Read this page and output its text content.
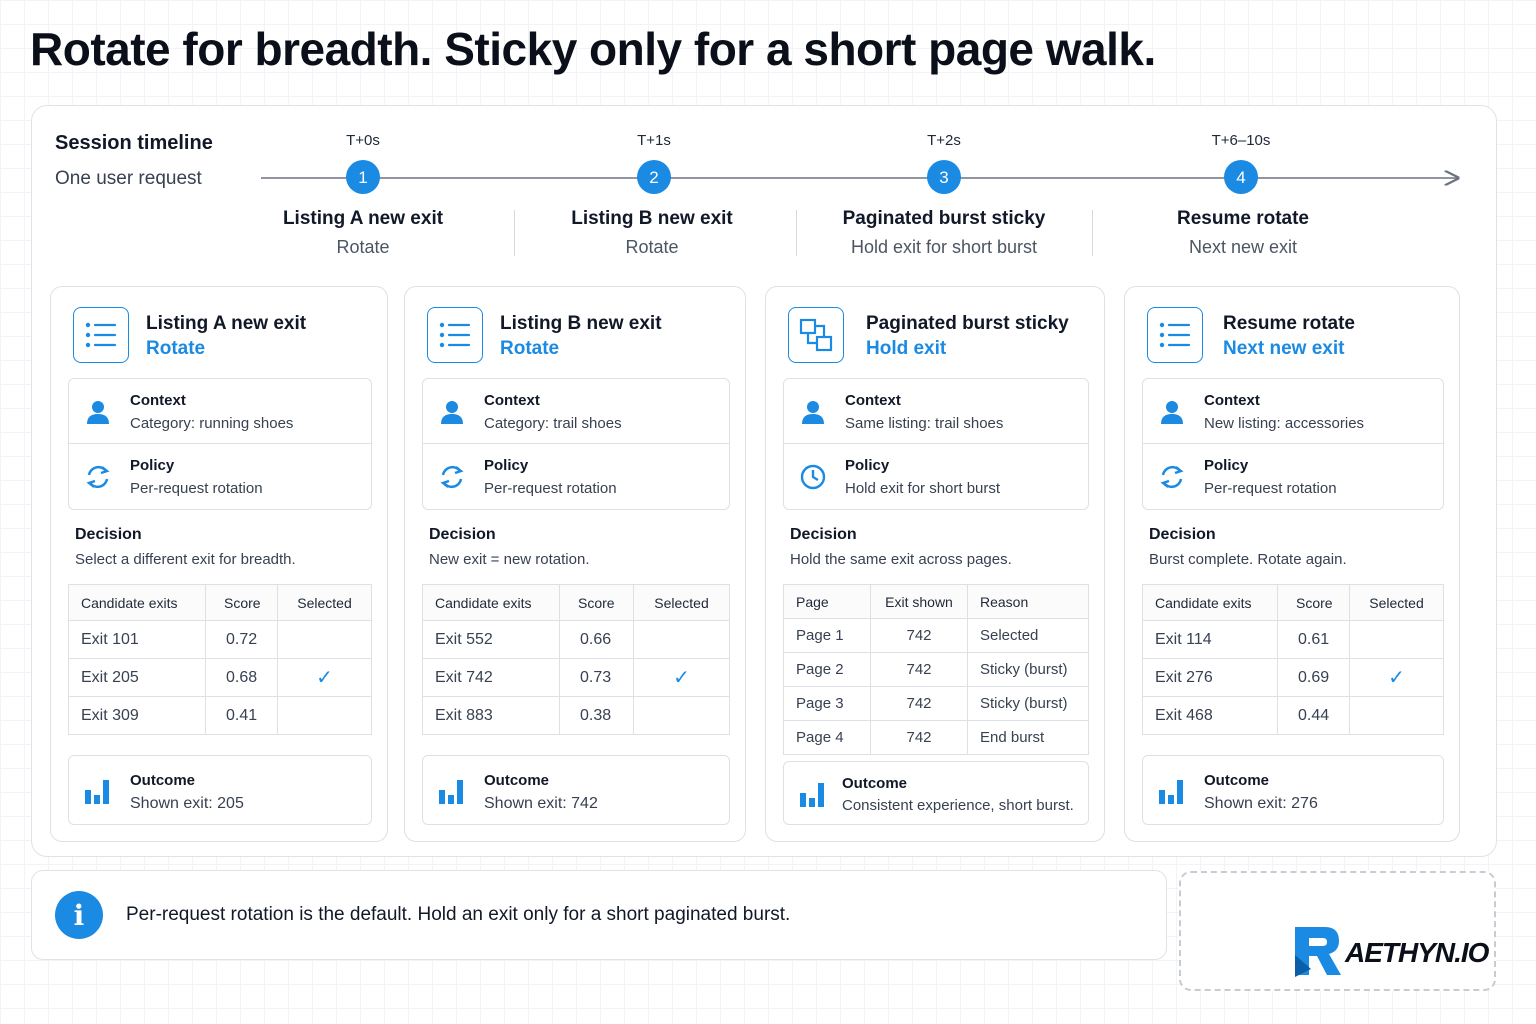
Rotate for breadth. Sticky only for a short page walk.
Session timeline
One user request	1	2	3	4
T+0s	T+1s	T+2s	T+6–10s
Listing A new exit
Rotate
Listing B new exit
Rotate
Paginated burst sticky
Hold exit for short burst
Resume rotate
Next new exit
Listing A new exit
Rotate
Context
Category: running shoes
Policy
Per-request rotation
Decision
Select a different exit for breadth.
Candidate exits	Score	Selected
Exit 101	0.72	
Exit 205	0.68	✓
Exit 309	0.41	
Outcome
Shown exit: 205
Listing B new exit
Rotate
Context
Category: trail shoes
Policy
Per-request rotation
Decision
New exit = new rotation.
Candidate exits	Score	Selected
Exit 552	0.66	
Exit 742	0.73	✓
Exit 883	0.38	
Outcome
Shown exit: 742
Paginated burst sticky
Hold exit
Context
Same listing: trail shoes
Policy
Hold exit for short burst
Decision
Hold the same exit across pages.
Page	Exit shown	Reason
Page 1	742	Selected
Page 2	742	Sticky (burst)
Page 3	742	Sticky (burst)
Page 4	742	End burst
Outcome
Consistent experience, short burst.
Resume rotate
Next new exit
Context
New listing: accessories
Policy
Per-request rotation
Decision
Burst complete. Rotate again.
Candidate exits	Score	Selected
Exit 114	0.61	
Exit 276	0.69	✓
Exit 468	0.44	
Outcome
Shown exit: 276
i	Per-request rotation is the default. Hold an exit only for a short paginated burst.
AETHYN.IO
